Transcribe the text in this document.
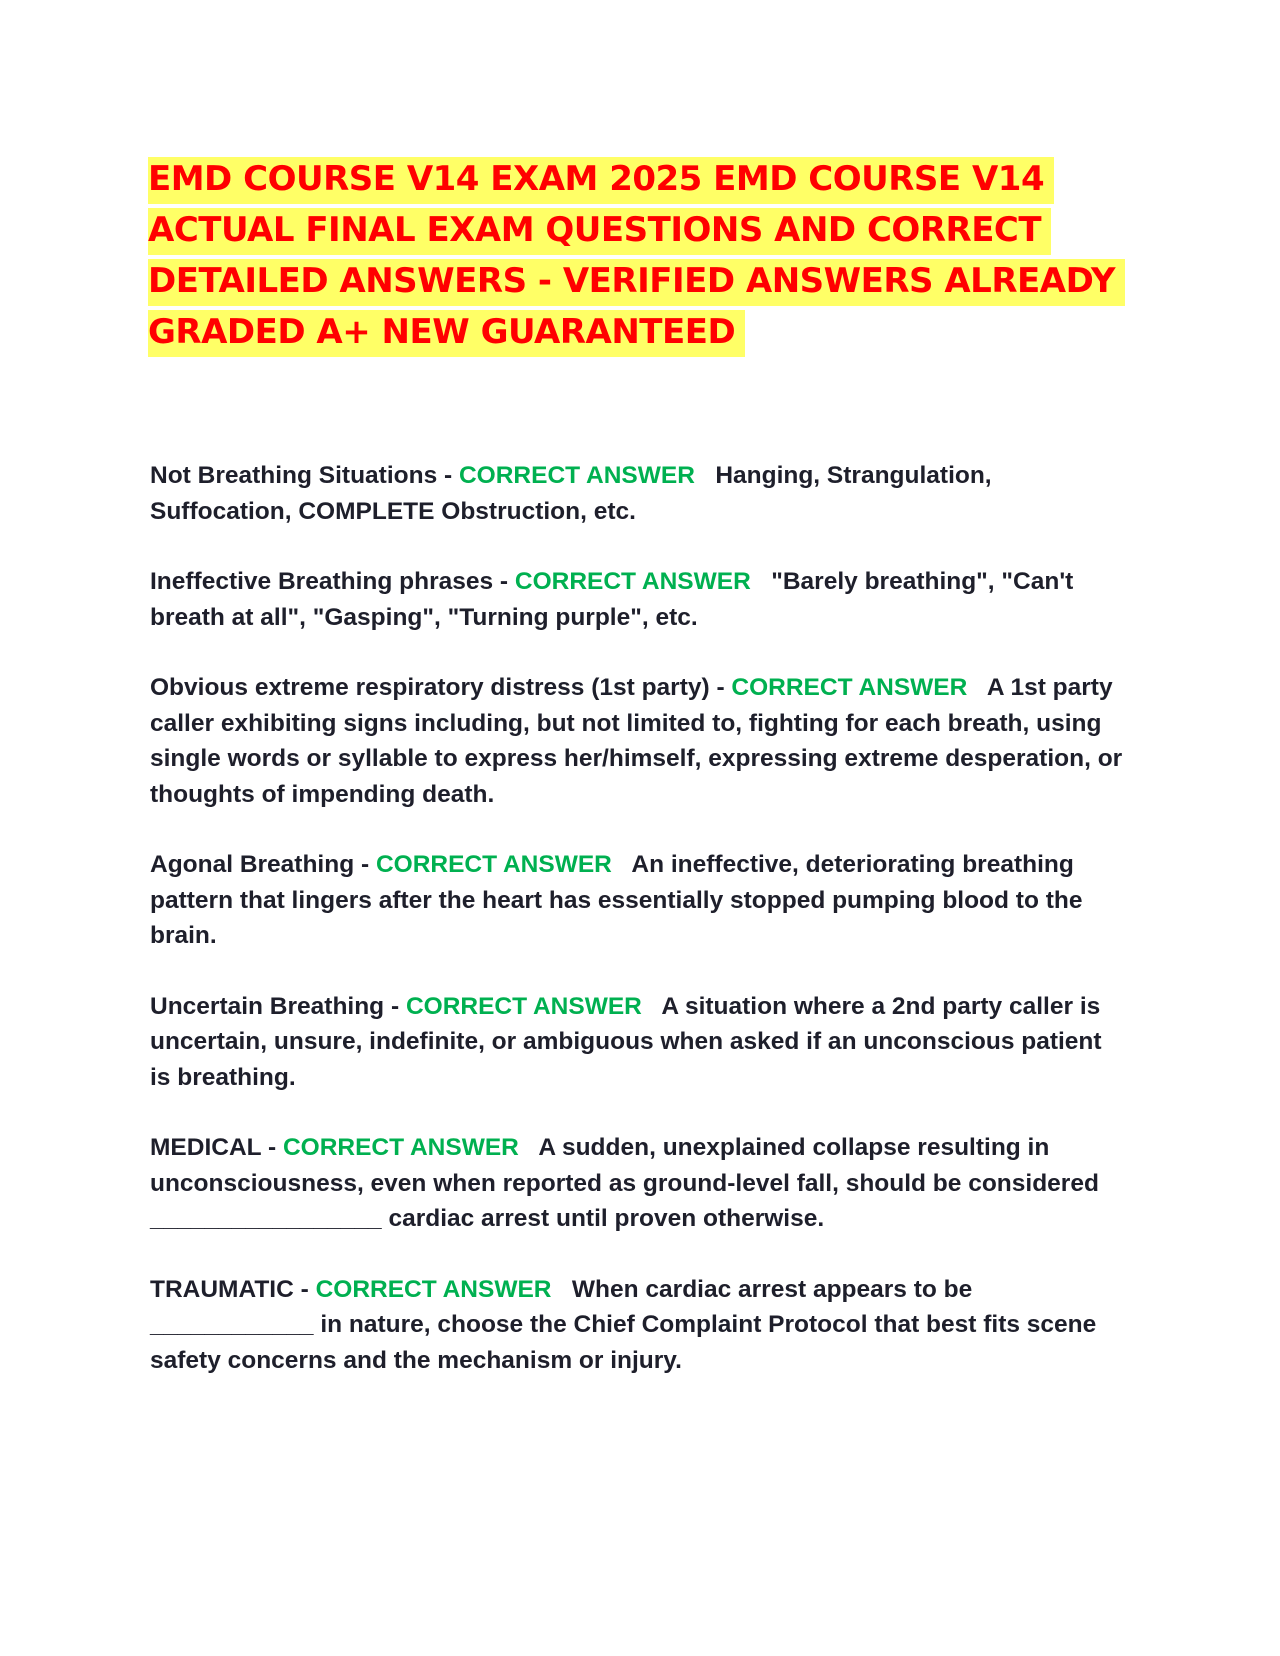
EMD COURSE V14 EXAM 2025 EMD COURSE V14 ACTUAL FINAL EXAM QUESTIONS AND CORRECT DETAILED ANSWERS - VERIFIED ANSWERS ALREADY GRADED A+ NEW GUARANTEED

Not Breathing Situations - CORRECT ANSWER Hanging, Strangulation, Suffocation, COMPLETE Obstruction, etc.

Ineffective Breathing phrases - CORRECT ANSWER "Barely breathing", "Can't breath at all", "Gasping", "Turning purple", etc.

Obvious extreme respiratory distress (1st party) - CORRECT ANSWER A 1st party caller exhibiting signs including, but not limited to, fighting for each breath, using single words or syllable to express her/himself, expressing extreme desperation, or thoughts of impending death.

Agonal Breathing - CORRECT ANSWER An ineffective, deteriorating breathing pattern that lingers after the heart has essentially stopped pumping blood to the brain.

Uncertain Breathing - CORRECT ANSWER A situation where a 2nd party caller is uncertain, unsure, indefinite, or ambiguous when asked if an unconscious patient is breathing.

MEDICAL - CORRECT ANSWER A sudden, unexplained collapse resulting in unconsciousness, even when reported as ground-level fall, should be considered _________________ cardiac arrest until proven otherwise.

TRAUMATIC - CORRECT ANSWER When cardiac arrest appears to be ____________ in nature, choose the Chief Complaint Protocol that best fits scene safety concerns and the mechanism or injury.
